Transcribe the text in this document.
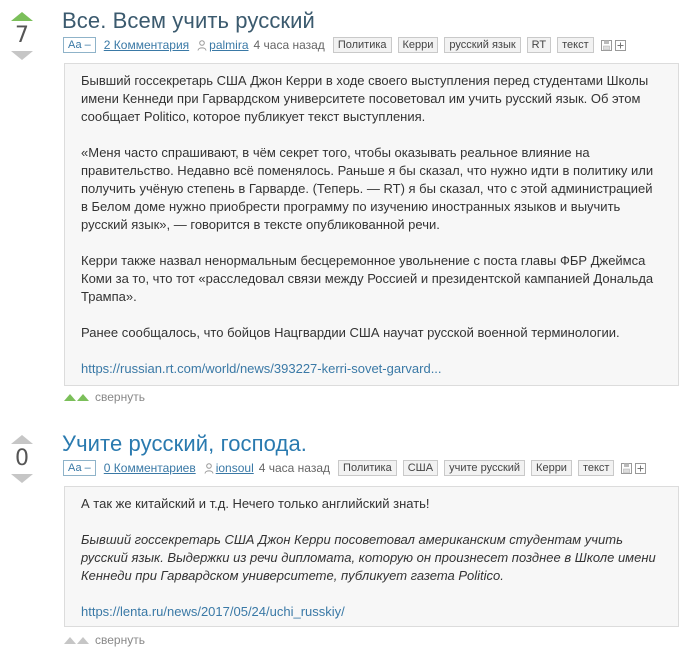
7
Все. Всем учить русский
Аа –	2 Комментария palmira 4 часа назад	Политика	Керри	русский язык	RT	текст

Бывший госсекретарь США Джон Керри в ходе своего выступления перед студентами Школы имени Кеннеди при Гарвардском университете посоветовал им учить русский язык. Об этом сообщает Politico, которое публикует текст выступления.

«Меня часто спрашивают, в чём секрет того, чтобы оказывать реальное влияние на правительство. Недавно всё поменялось. Раньше я бы сказал, что нужно идти в политику или получить учёную степень в Гарварде. (Теперь. — RT) я бы сказал, что с этой администрацией в Белом доме нужно приобрести программу по изучению иностранных языков и выучить русский язык», — говорится в тексте опубликованной речи.

Керри также назвал ненормальным бесцеремонное увольнение с поста главы ФБР Джеймса Коми за то, что тот «расследовал связи между Россией и президентской кампанией Дональда Трампа».

Ранее сообщалось, что бойцов Нацгвардии США научат русской военной терминологии.

https://russian.rt.com/world/news/393227-kerri-sovet-garvard...

свернуть
0
Учите русский, господа.
Аа –	0 Комментариев ionsoul 4 часа назад	Политика	США	учите русский	Керри	текст

А так же китайский и т.д. Нечего только английский знать!

Бывший госсекретарь США Джон Керри посоветовал американским студентам учить русский язык. Выдержки из речи дипломата, которую он произнесет позднее в Школе имени Кеннеди при Гарвардском университете, публикует газета Politico.

https://lenta.ru/news/2017/05/24/uchi_russkiy/

свернуть
